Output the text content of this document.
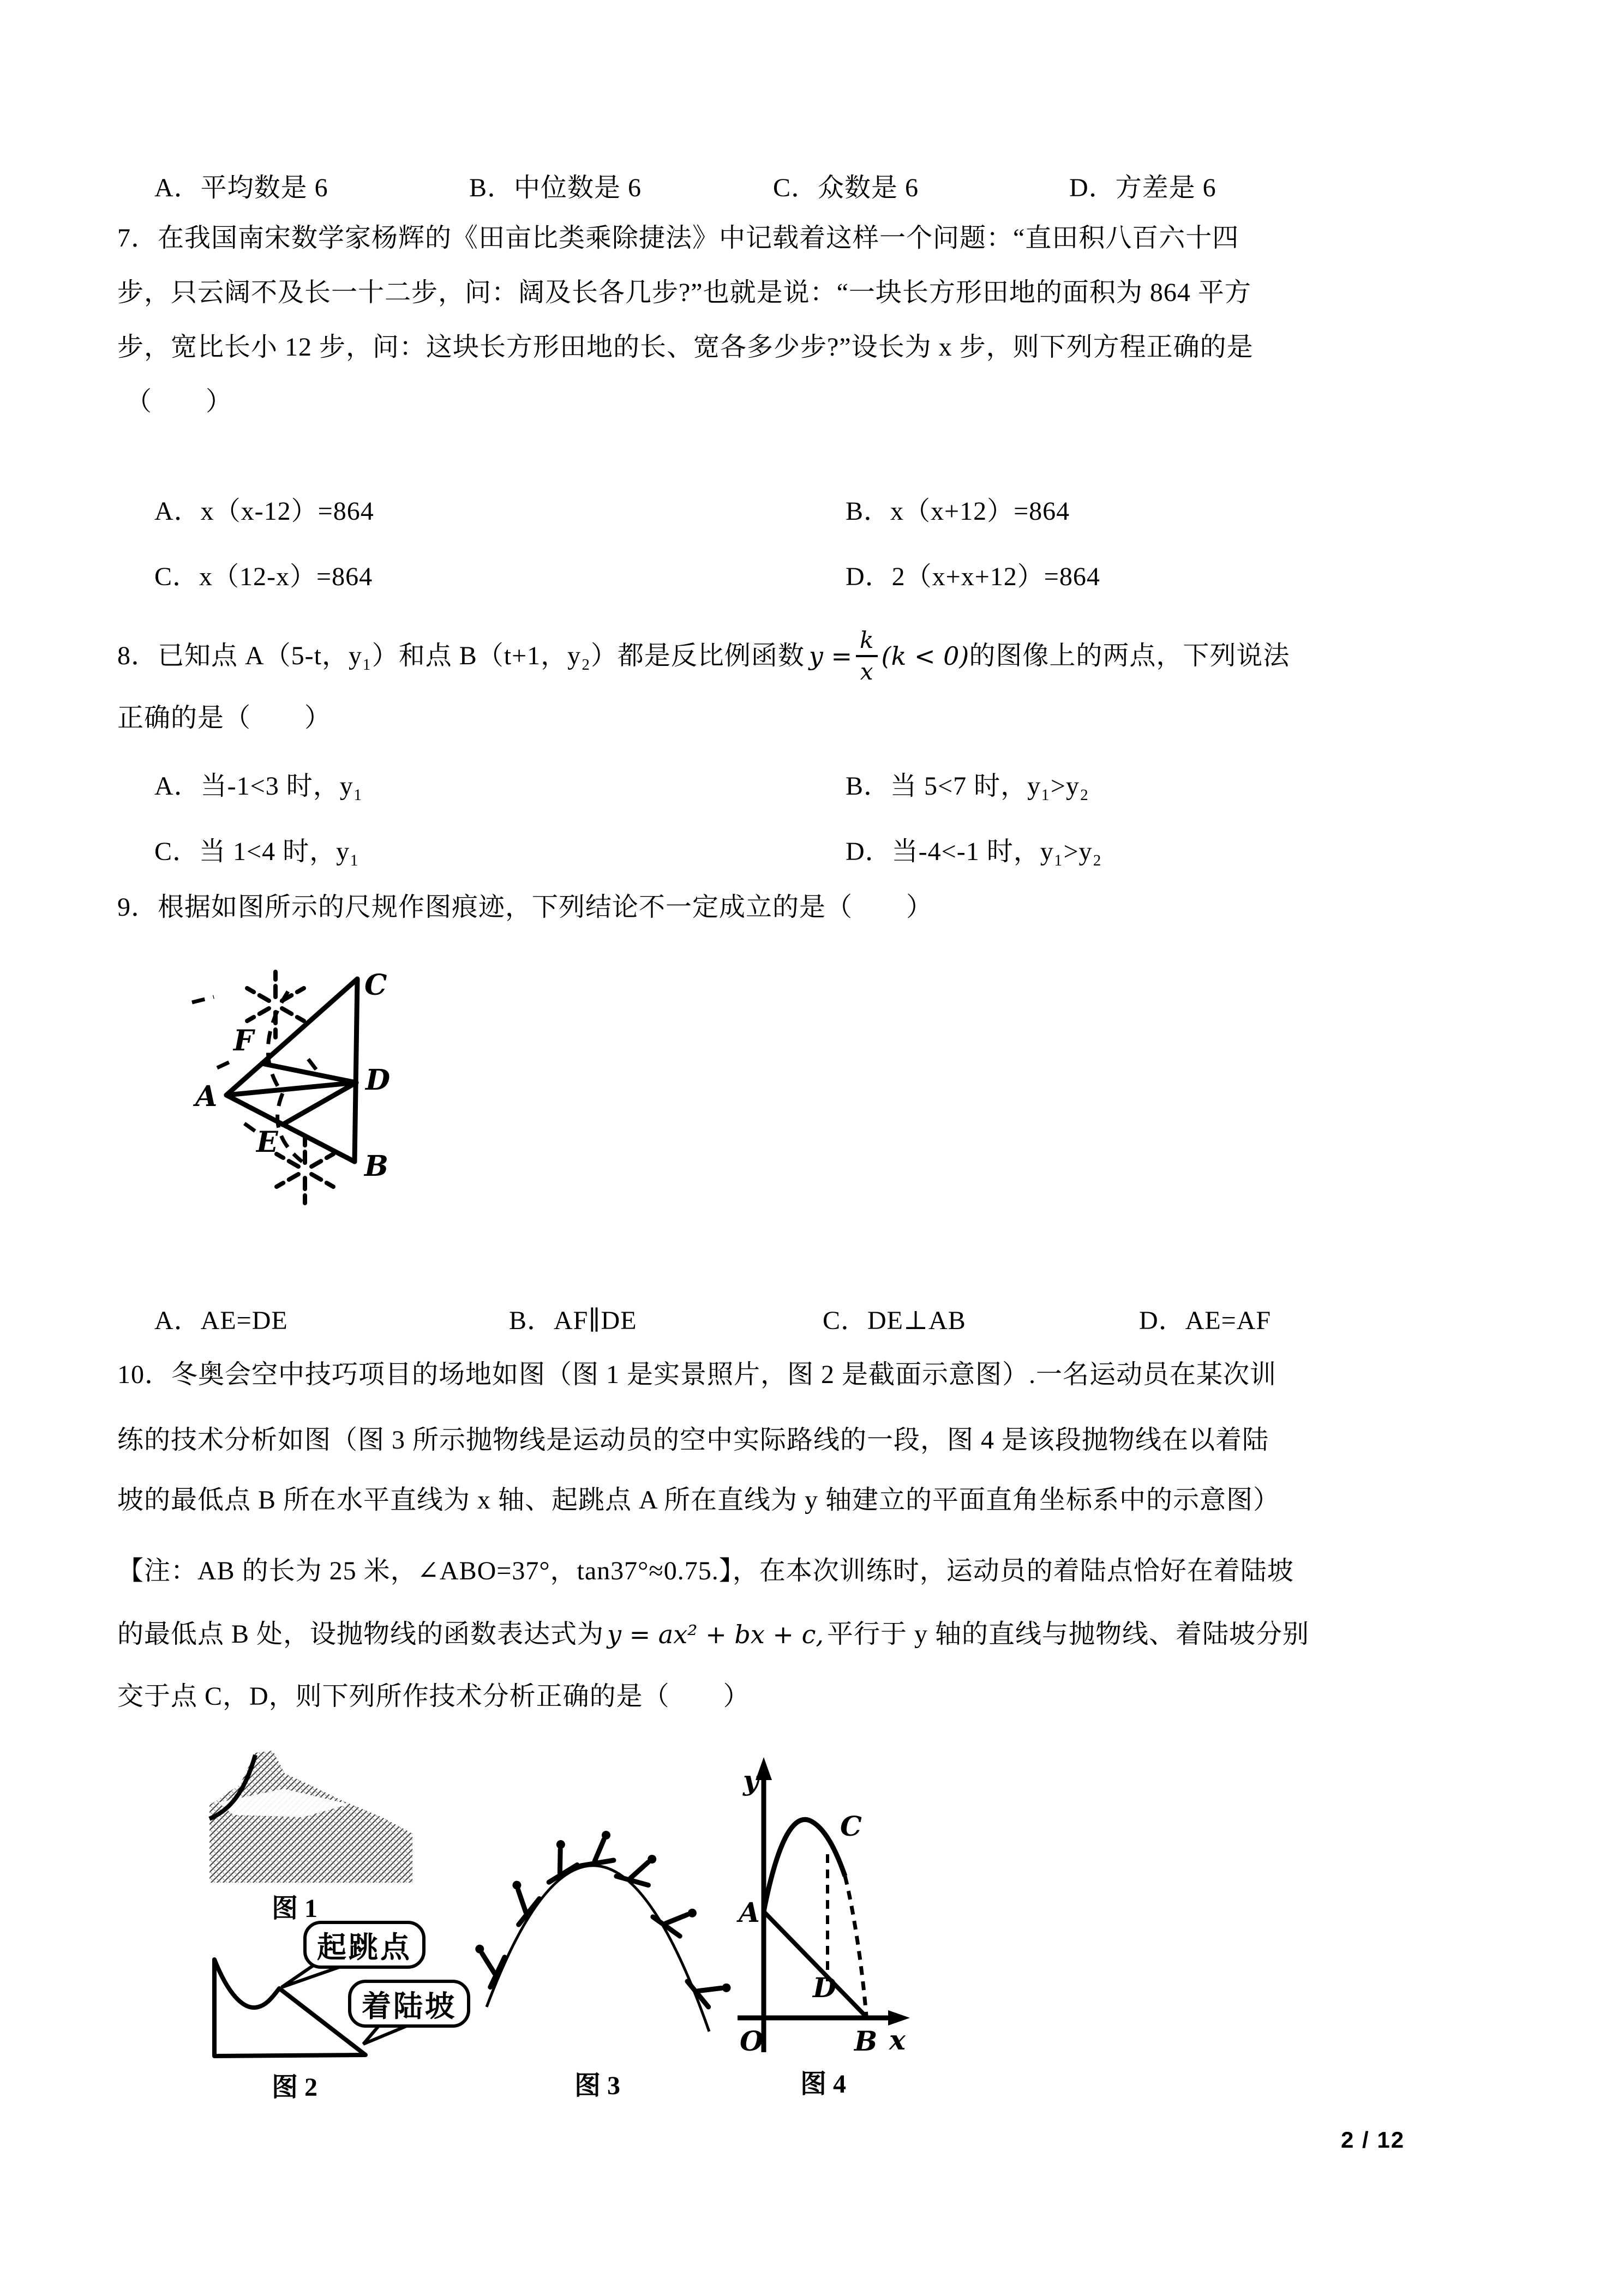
A．平均数是 6	B．中位数是 6	C．众数是 6	D．方差是 6
7．在我国南宋数学家杨辉的《田亩比类乘除捷法》中记载着这样一个问题：“直田积八百六十四
步，只云阔不及长一十二步，问：阔及长各几步?”也就是说：“一块长方形田地的面积为 864 平方
步，宽比长小 12 步，问：这块长方形田地的长、宽各多少步?”设长为 x 步，则下列方程正确的是
（　　）
A．x（x-12）=864	B．x（x+12）=864
C．x（12-x）=864	D．2（x+x+12）=864
8．已知点 A（5-t，y₁）和点 B（t+1，y₂）都是反比例函数 $y = \frac{k}{x} (k < 0)$ 的图像上的两点，下列说法
正确的是（　　）
A．当-1<3 时，y₁	B．当 5<7 时，y₁>y₂
C．当 1<4 时，y₁	D．当-4<-1 时，y₁>y₂
9．根据如图所示的尺规作图痕迹，下列结论不一定成立的是（　　）
C
F
A	D
E
B
A．AE=DE	B．AF∥DE	C．DE⊥AB	D．AE=AF
10．冬奥会空中技巧项目的场地如图（图 1 是实景照片，图 2 是截面示意图）.一名运动员在某次训
练的技术分析如图（图 3 所示抛物线是运动员的空中实际路线的一段，图 4 是该段抛物线在以着陆
坡的最低点 B 所在水平直线为 x 轴、起跳点 A 所在直线为 y 轴建立的平面直角坐标系中的示意图）
【注：AB 的长为 25 米，∠ABO=37°，tan37°≈0.75.】，在本次训练时，运动员的着陆点恰好在着陆坡
的最低点 B 处，设抛物线的函数表达式为 y = ax² + bx + c, 平行于 y 轴的直线与抛物线、着陆坡分别
交于点 C，D，则下列所作技术分析正确的是（　　）
图 1
起跳点
着陆坡
图 2	图 3
y
C
A
D
O	B x
图 4
2 / 12
